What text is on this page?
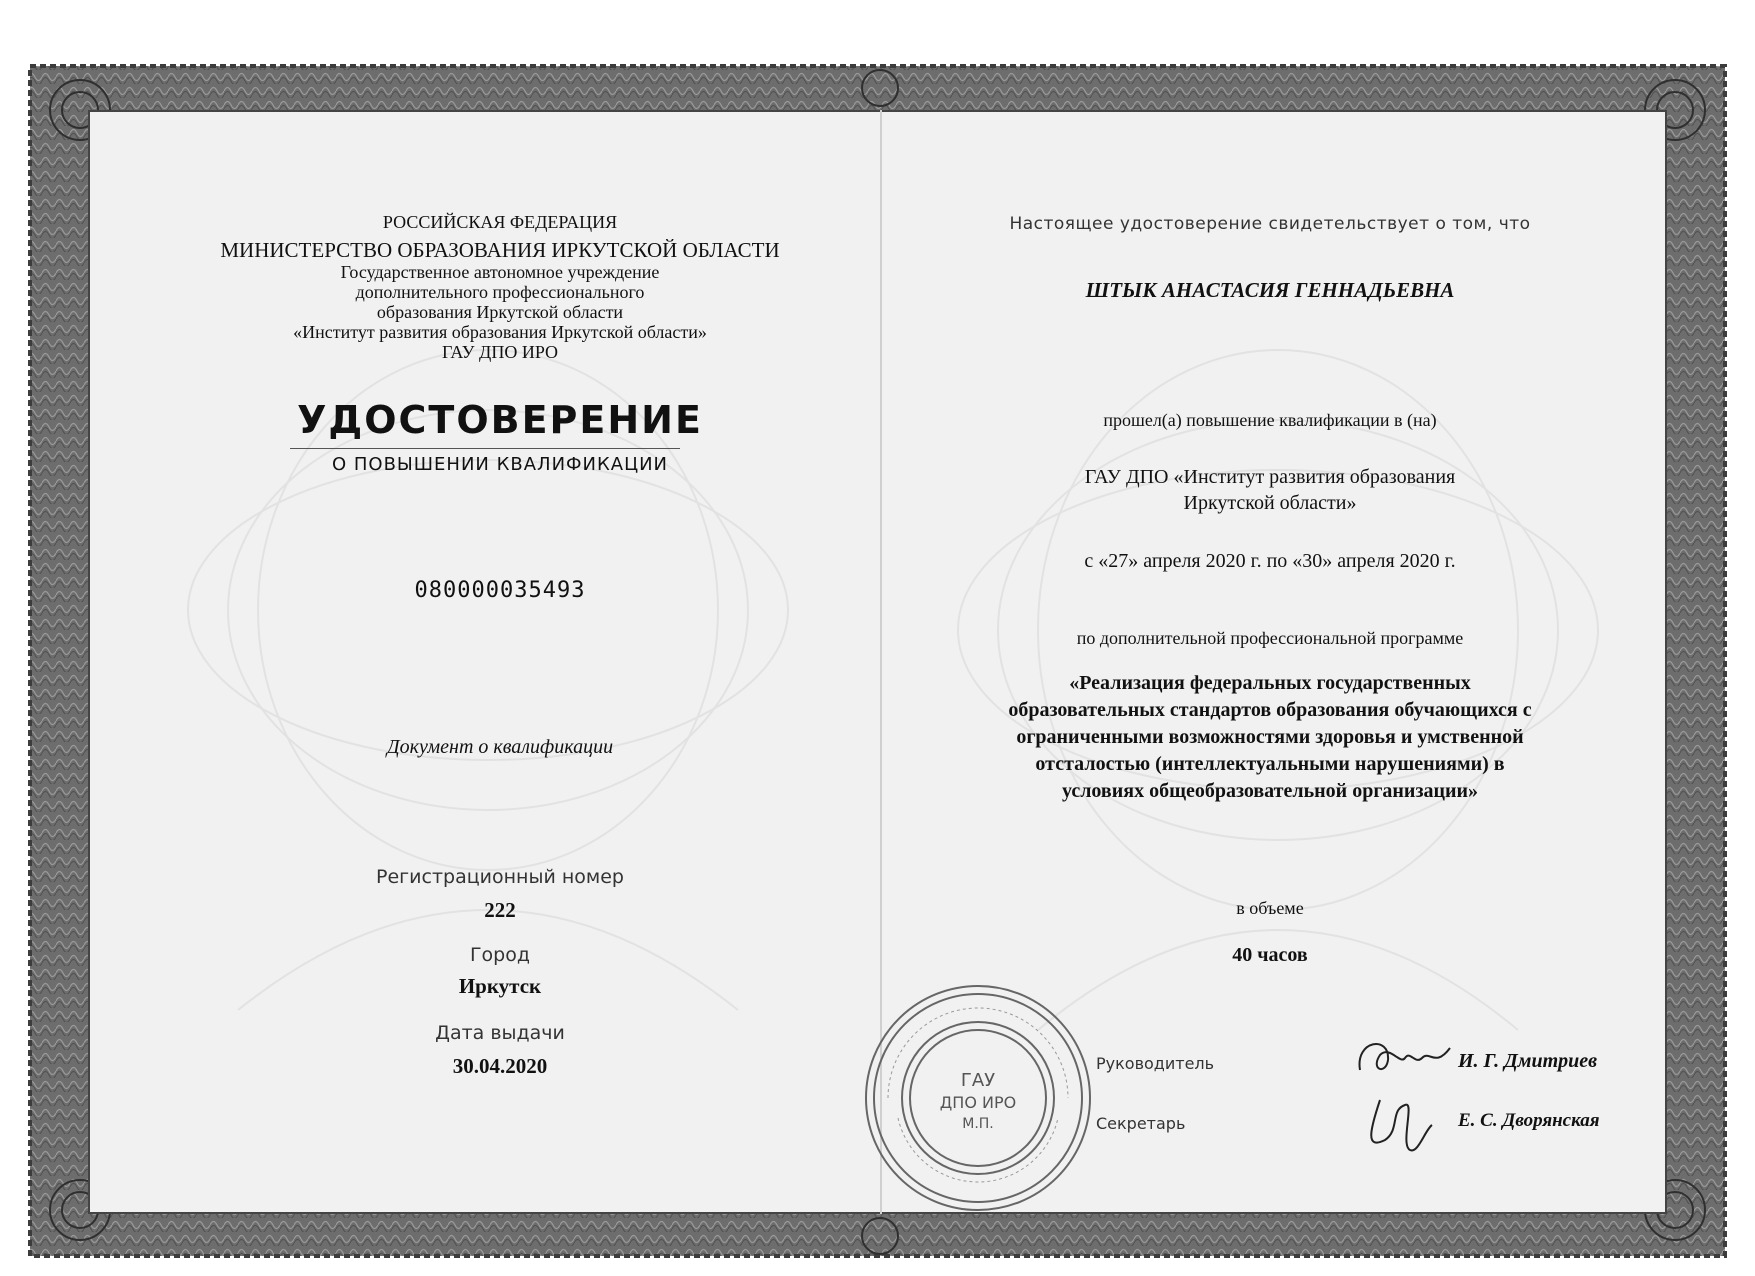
РОССИЙСКАЯ ФЕДЕРАЦИЯ
МИНИСТЕРСТВО ОБРАЗОВАНИЯ ИРКУТСКОЙ ОБЛАСТИ
Государственное автономное учреждение
дополнительного профессионального
образования Иркутской области
«Институт развития образования Иркутской области»
ГАУ ДПО ИРО
УДОСТОВЕРЕНИЕ
О ПОВЫШЕНИИ КВАЛИФИКАЦИИ
080000035493
Документ о квалификации
Регистрационный номер
222
Город
Иркутск
Дата выдачи
30.04.2020
Настоящее удостоверение свидетельствует о том, что
ШТЫК АНАСТАСИЯ ГЕННАДЬЕВНА
прошел(а) повышение квалификации в (на)
ГАУ ДПО «Институт развития образования
Иркутской области»
с «27» апреля 2020 г. по «30» апреля 2020 г.
по дополнительной профессиональной программе
«Реализация федеральных государственных
образовательных стандартов образования обучающихся с
ограниченными возможностями здоровья и умственной
отсталостью (интеллектуальными нарушениями) в
условиях общеобразовательной организации»
в объеме
40 часов
ГАУ
ДПО ИРО
М.П.
Руководитель
Секретарь
И. Г. Дмитриев
Е. С. Дворянская
